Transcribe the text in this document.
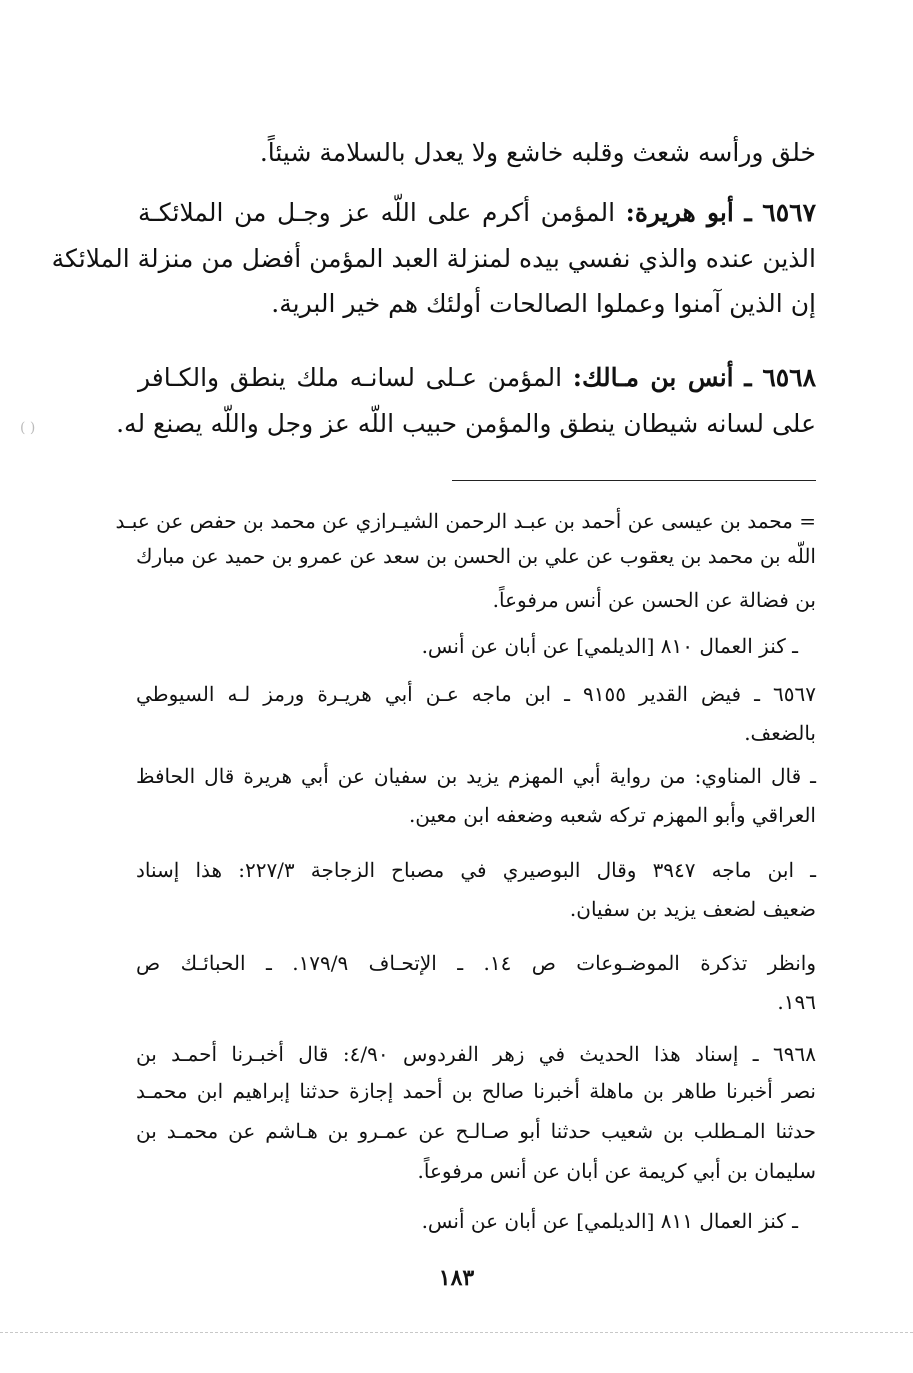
خلق ورأسه شعث وقلبه خاشع ولا يعدل بالسلامة شيئاً.
٦٥٦٧ ـ أبو هريرة: المؤمن أكرم على اللّه عز وجـل من الملائكـة
الذين عنده والذي نفسي بيده لمنزلة العبد المؤمن أفضل من منزلة الملائكة
إن الذين آمنوا وعملوا الصالحات أولئك هم خير البرية.
٦٥٦٨ ـ أنس بن مـالك: المؤمن عـلى لسانـه ملك ينطق والكـافر
على لسانه شيطان ينطق والمؤمن حبيب اللّه عز وجل واللّه يصنع له.
= محمد بن عيسى عن أحمد بن عبـد الرحمن الشيـرازي عن محمد بن حفص عن عبـد
اللّه بن محمد بن يعقوب عن علي بن الحسن بن سعد عن عمرو بن حميد عن مبارك
بن فضالة عن الحسن عن أنس مرفوعاً.
ـ كنز العمال ٨١٠ [الديلمي] عن أبان عن أنس.
٦٥٦٧ ـ فيض القدير ٩١٥٥ ـ ابن ماجه عـن أبي هريـرة ورمز لـه السيوطي
بالضعف.
ـ قال المناوي: من رواية أبي المهزم يزيد بن سفيان عن أبي هريرة قال الحافظ
العراقي وأبو المهزم تركه شعبه وضعفه ابن معين.
ـ ابن ماجه ٣٩٤٧ وقال البوصيري في مصباح الزجاجة ٢٢٧/٣: هذا إسناد
ضعيف لضعف يزيد بن سفيان.
وانظر تذكرة الموضـوعات ص ١٤. ـ الإتحـاف ١٧٩/٩. ـ الحبائـك ص
١٩٦.
٦٩٦٨ ـ إسناد هذا الحديث في زهر الفردوس ٤/٩٠: قال أخبـرنا أحمـد بن
نصر أخبرنا طاهر بن ماهلة أخبرنا صالح بن أحمد إجازة حدثنا إبراهيم ابن محمـد
حدثنا المـطلب بن شعيب حدثنا أبو صـالـح عن عمـرو بن هـاشم عن محمـد بن
سليمان بن أبي كريمة عن أبان عن أنس مرفوعاً.
ـ كنز العمال ٨١١ [الديلمي] عن أبان عن أنس.
١٨٣
( )
